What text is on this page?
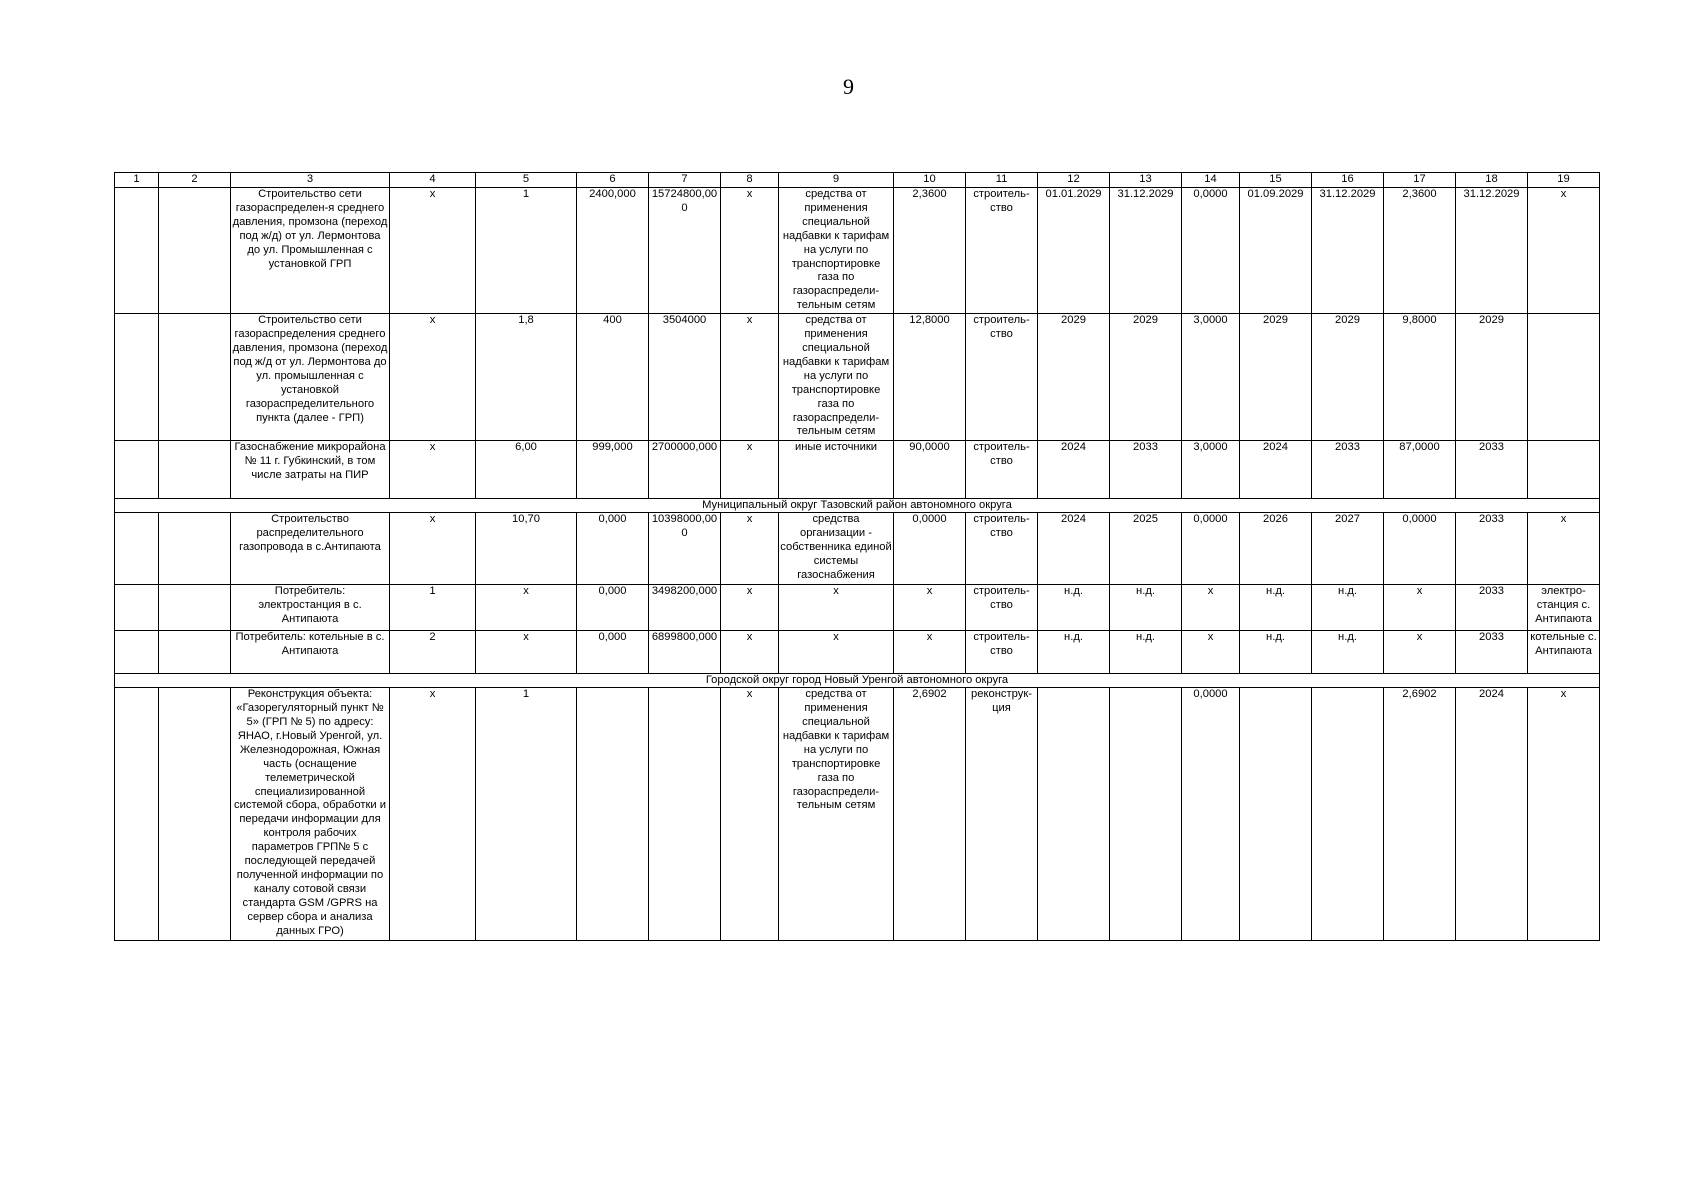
9
1	2	3	4	5	6	7	8	9	10	11	12	13	14	15	16	17	18	19
		Строительство сети газораспределен-я среднего давления, промзона (переход под ж/д) от ул. Лермонтова до ул. Промышленная с установкой ГРП	х	1	2400,000	15724800,000	х	средства от применения специальной надбавки к тарифам на услуги по транспортировке газа по газораспредели-тельным сетям	2,3600	строитель-ство	01.01.2029	31.12.2029	0,0000	01.09.2029	31.12.2029	2,3600	31.12.2029	х
		Строительство сети газораспределения среднего давления, промзона (переход под ж/д от ул. Лермонтова до ул. промышленная с установкой газораспределительного пункта (далее - ГРП)	х	1,8	400	3504000	х	средства от применения специальной надбавки к тарифам на услуги по транспортировке газа по газораспредели-тельным сетям	12,8000	строитель-ство	2029	2029	3,0000	2029	2029	9,8000	2029	
		Газоснабжение микрорайона № 11 г. Губкинский, в том числе затраты на ПИР	х	6,00	999,000	2700000,000	х	иные источники	90,0000	строитель-ство	2024	2033	3,0000	2024	2033	87,0000	2033	
Муниципальный округ Тазовский район автономного округа																		
		Строительство распределительного газопровода в с.Антипаюта	х	10,70	0,000	10398000,000	х	средства организации - собственника единой системы газоснабжения	0,0000	строитель-ство	2024	2025	0,0000	2026	2027	0,0000	2033	х
		Потребитель: электростанция в с. Антипаюта	1	х	0,000	3498200,000	х	х	х	строитель-ство	н.д.	н.д.	х	н.д.	н.д.	х	2033	электро-станция с. Антипаюта
		Потребитель: котельные в с. Антипаюта	2	х	0,000	6899800,000	х	х	х	строитель-ство	н.д.	н.д.	х	н.д.	н.д.	х	2033	котельные с. Антипаюта
Городской округ город Новый Уренгой автономного округа																		
		Реконструкция объекта: «Газорегуляторный пункт № 5» (ГРП № 5) по адресу: ЯНАО, г.Новый Уренгой, ул. Железнодорожная, Южная часть (оснащение телеметрической специализированной системой сбора, обработки и передачи информации для контроля рабочих параметров ГРП№ 5 с последующей передачей полученной информации по каналу сотовой связи стандарта GSM /GPRS на сервер сбора и анализа данных ГРО)	х	1			х	средства от применения специальной надбавки к тарифам на услуги по транспортировке газа по газораспредели-тельным сетям	2,6902	реконструк-ция			0,0000			2,6902	2024	х
